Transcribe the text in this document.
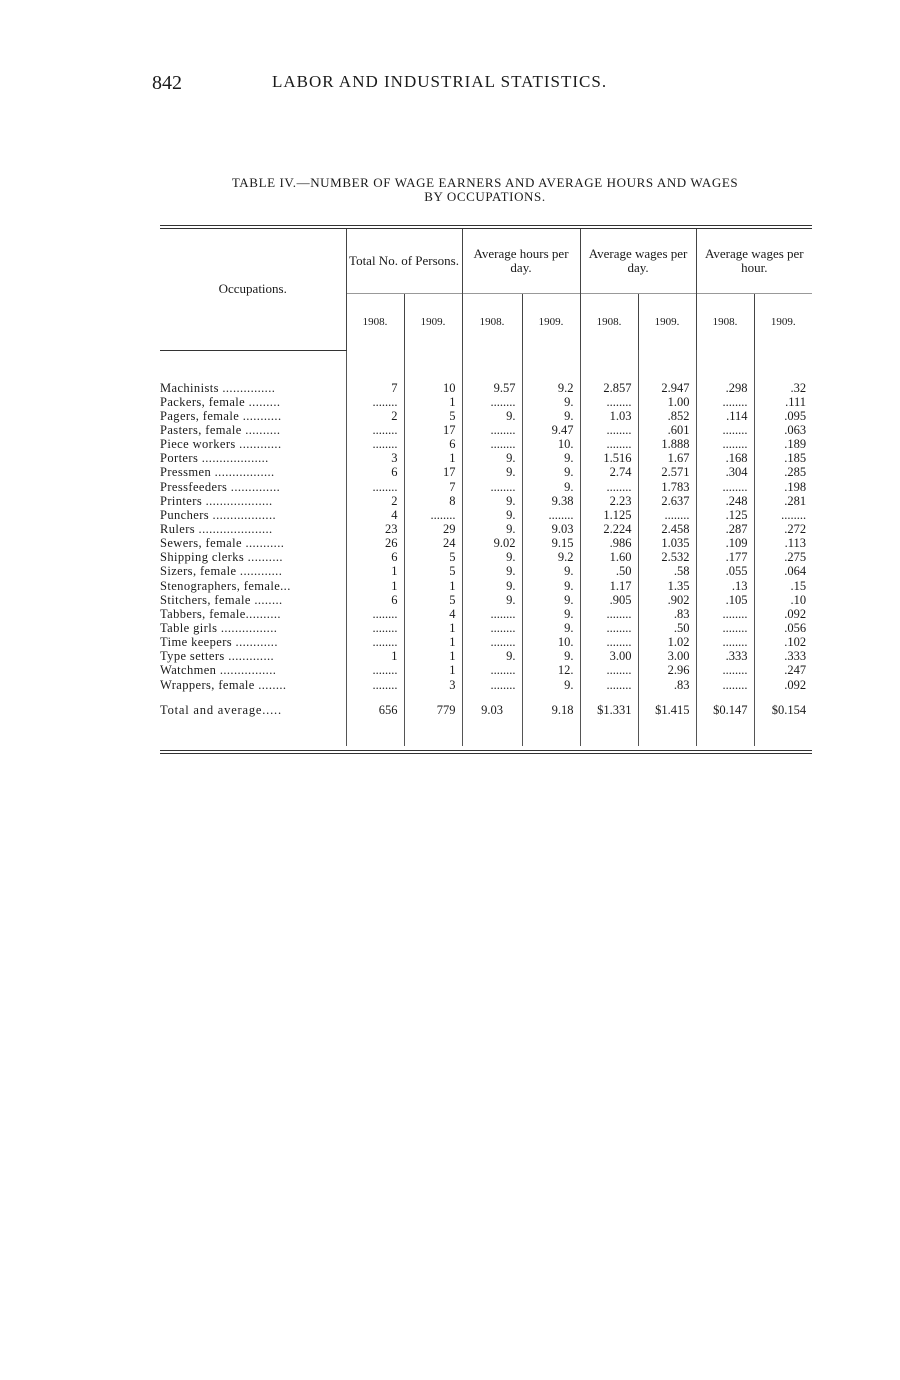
842	LABOR AND INDUSTRIAL STATISTICS.
TABLE IV.—NUMBER OF WAGE EARNERS AND AVERAGE HOURS AND WAGES
BY OCCUPATIONS.
Occupations.	Total No. of Persons.		Average hours per day.		Average wages per day.		Average wages per hour.	
	1908.	1909.	1908.	1909.	1908.	1909.	1908.	1909.

Machinists ...............	7	10	9.57	9.2	2.857	2.947	.298	.32
Packers, female .........	........	1	........	9.	........	1.00	........	.111
Pagers, female ...........	2	5	9.	9.	1.03	.852	.114	.095
Pasters, female ..........	........	17	........	9.47	........	.601	........	.063
Piece workers ............	........	6	........	10.	........	1.888	........	.189
Porters ...................	3	1	9.	9.	1.516	1.67	.168	.185
Pressmen .................	6	17	9.	9.	2.74	2.571	.304	.285
Pressfeeders ..............	........	7	........	9.	........	1.783	........	.198
Printers ...................	2	8	9.	9.38	2.23	2.637	.248	.281
Punchers ..................	4	........	9.	........	1.125	........	.125	........
Rulers .....................	23	29	9.	9.03	2.224	2.458	.287	.272
Sewers, female ...........	26	24	9.02	9.15	.986	1.035	.109	.113
Shipping clerks ..........	6	5	9.	9.2	1.60	2.532	.177	.275
Sizers, female ............	1	5	9.	9.	.50	.58	.055	.064
Stenographers, female...	1	1	9.	9.	1.17	1.35	.13	.15
Stitchers, female ........	6	5	9.	9.	.905	.902	.105	.10
Tabbers, female..........	........	4	........	9.	........	.83	........	.092
Table girls ................	........	1	........	9.	........	.50	........	.056
Time keepers ............	........	1	........	10.	........	1.02	........	.102
Type setters .............	1	1	9.	9.	3.00	3.00	.333	.333
Watchmen ................	........	1	........	12.	........	2.96	........	.247
Wrappers, female ........	........	3	........	9.	........	.83	........	.092
Total and average.....	656	779	9.03	9.18	$1.331	$1.415	$0.147	$0.154
